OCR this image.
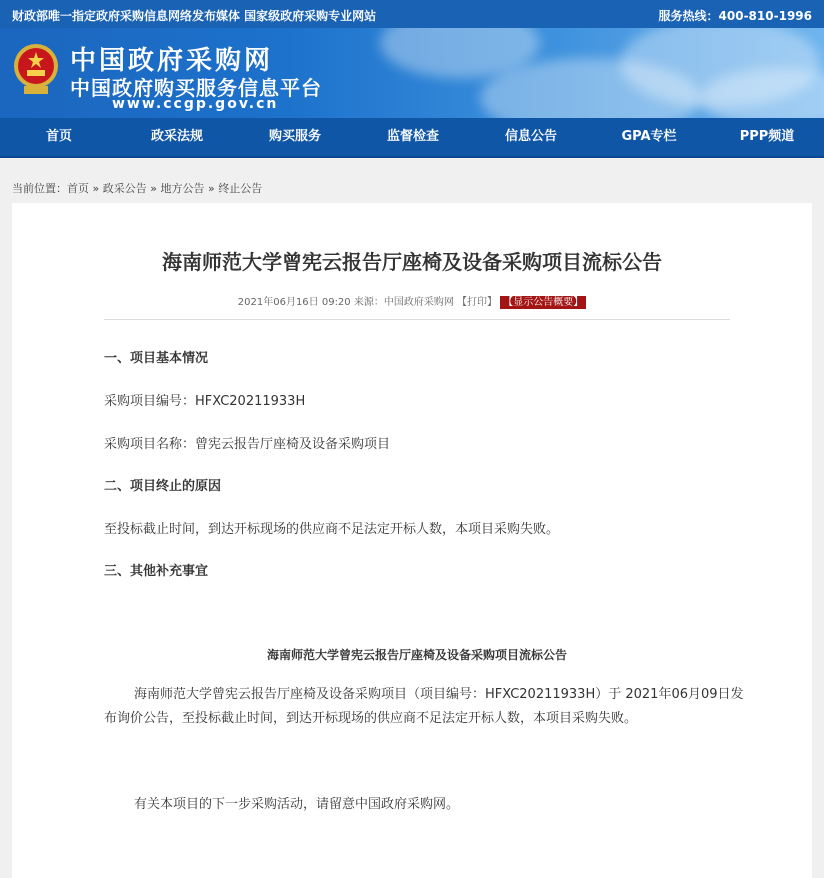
财政部唯一指定政府采购信息网络发布媒体 国家级政府采购专业网站	服务热线：400-810-1996
中国政府采购网
中国政府购买服务信息平台
www.ccgp.gov.cn
首页	政采法规	购买服务	监督检查	信息公告	GPA专栏	PPP频道
当前位置：首页 » 政采公告 » 地方公告 » 终止公告
海南师范大学曾宪云报告厅座椅及设备采购项目流标公告
2021年06月16日 09:20 来源：中国政府采购网 【打印】 【显示公告概要】
一、项目基本情况
采购项目编号：HFXC20211933H
采购项目名称：曾宪云报告厅座椅及设备采购项目
二、项目终止的原因
至投标截止时间，到达开标现场的供应商不足法定开标人数，本项目采购失败。
三、其他补充事宜
海南师范大学曾宪云报告厅座椅及设备采购项目流标公告
海南师范大学曾宪云报告厅座椅及设备采购项目（项目编号：HFXC20211933H）于 2021年06月09日发
布询价公告，至投标截止时间，到达开标现场的供应商不足法定开标人数，本项目采购失败。
有关本项目的下一步采购活动，请留意中国政府采购网。
